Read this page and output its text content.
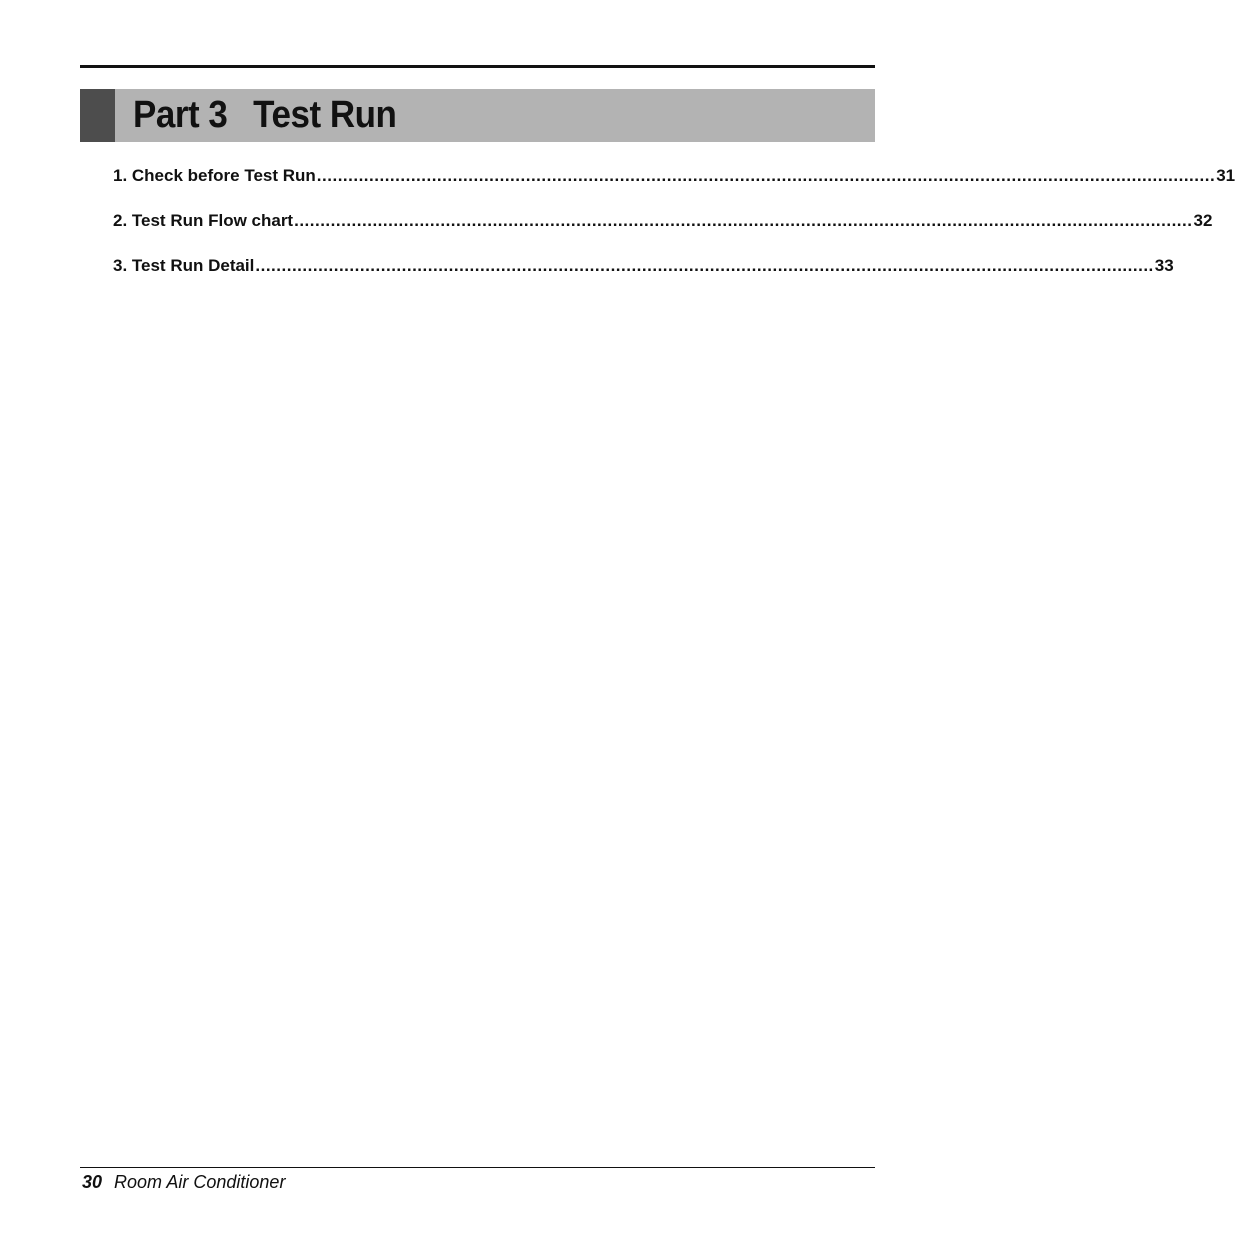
Part 3 Test Run
1. Check before Test Run ............................................................................................................................................................................ 31
2. Test Run Flow chart ............................................................................................................................................................................ 32
3. Test Run Detail ............................................................................................................................................................................ 33
30 Room Air Conditioner
